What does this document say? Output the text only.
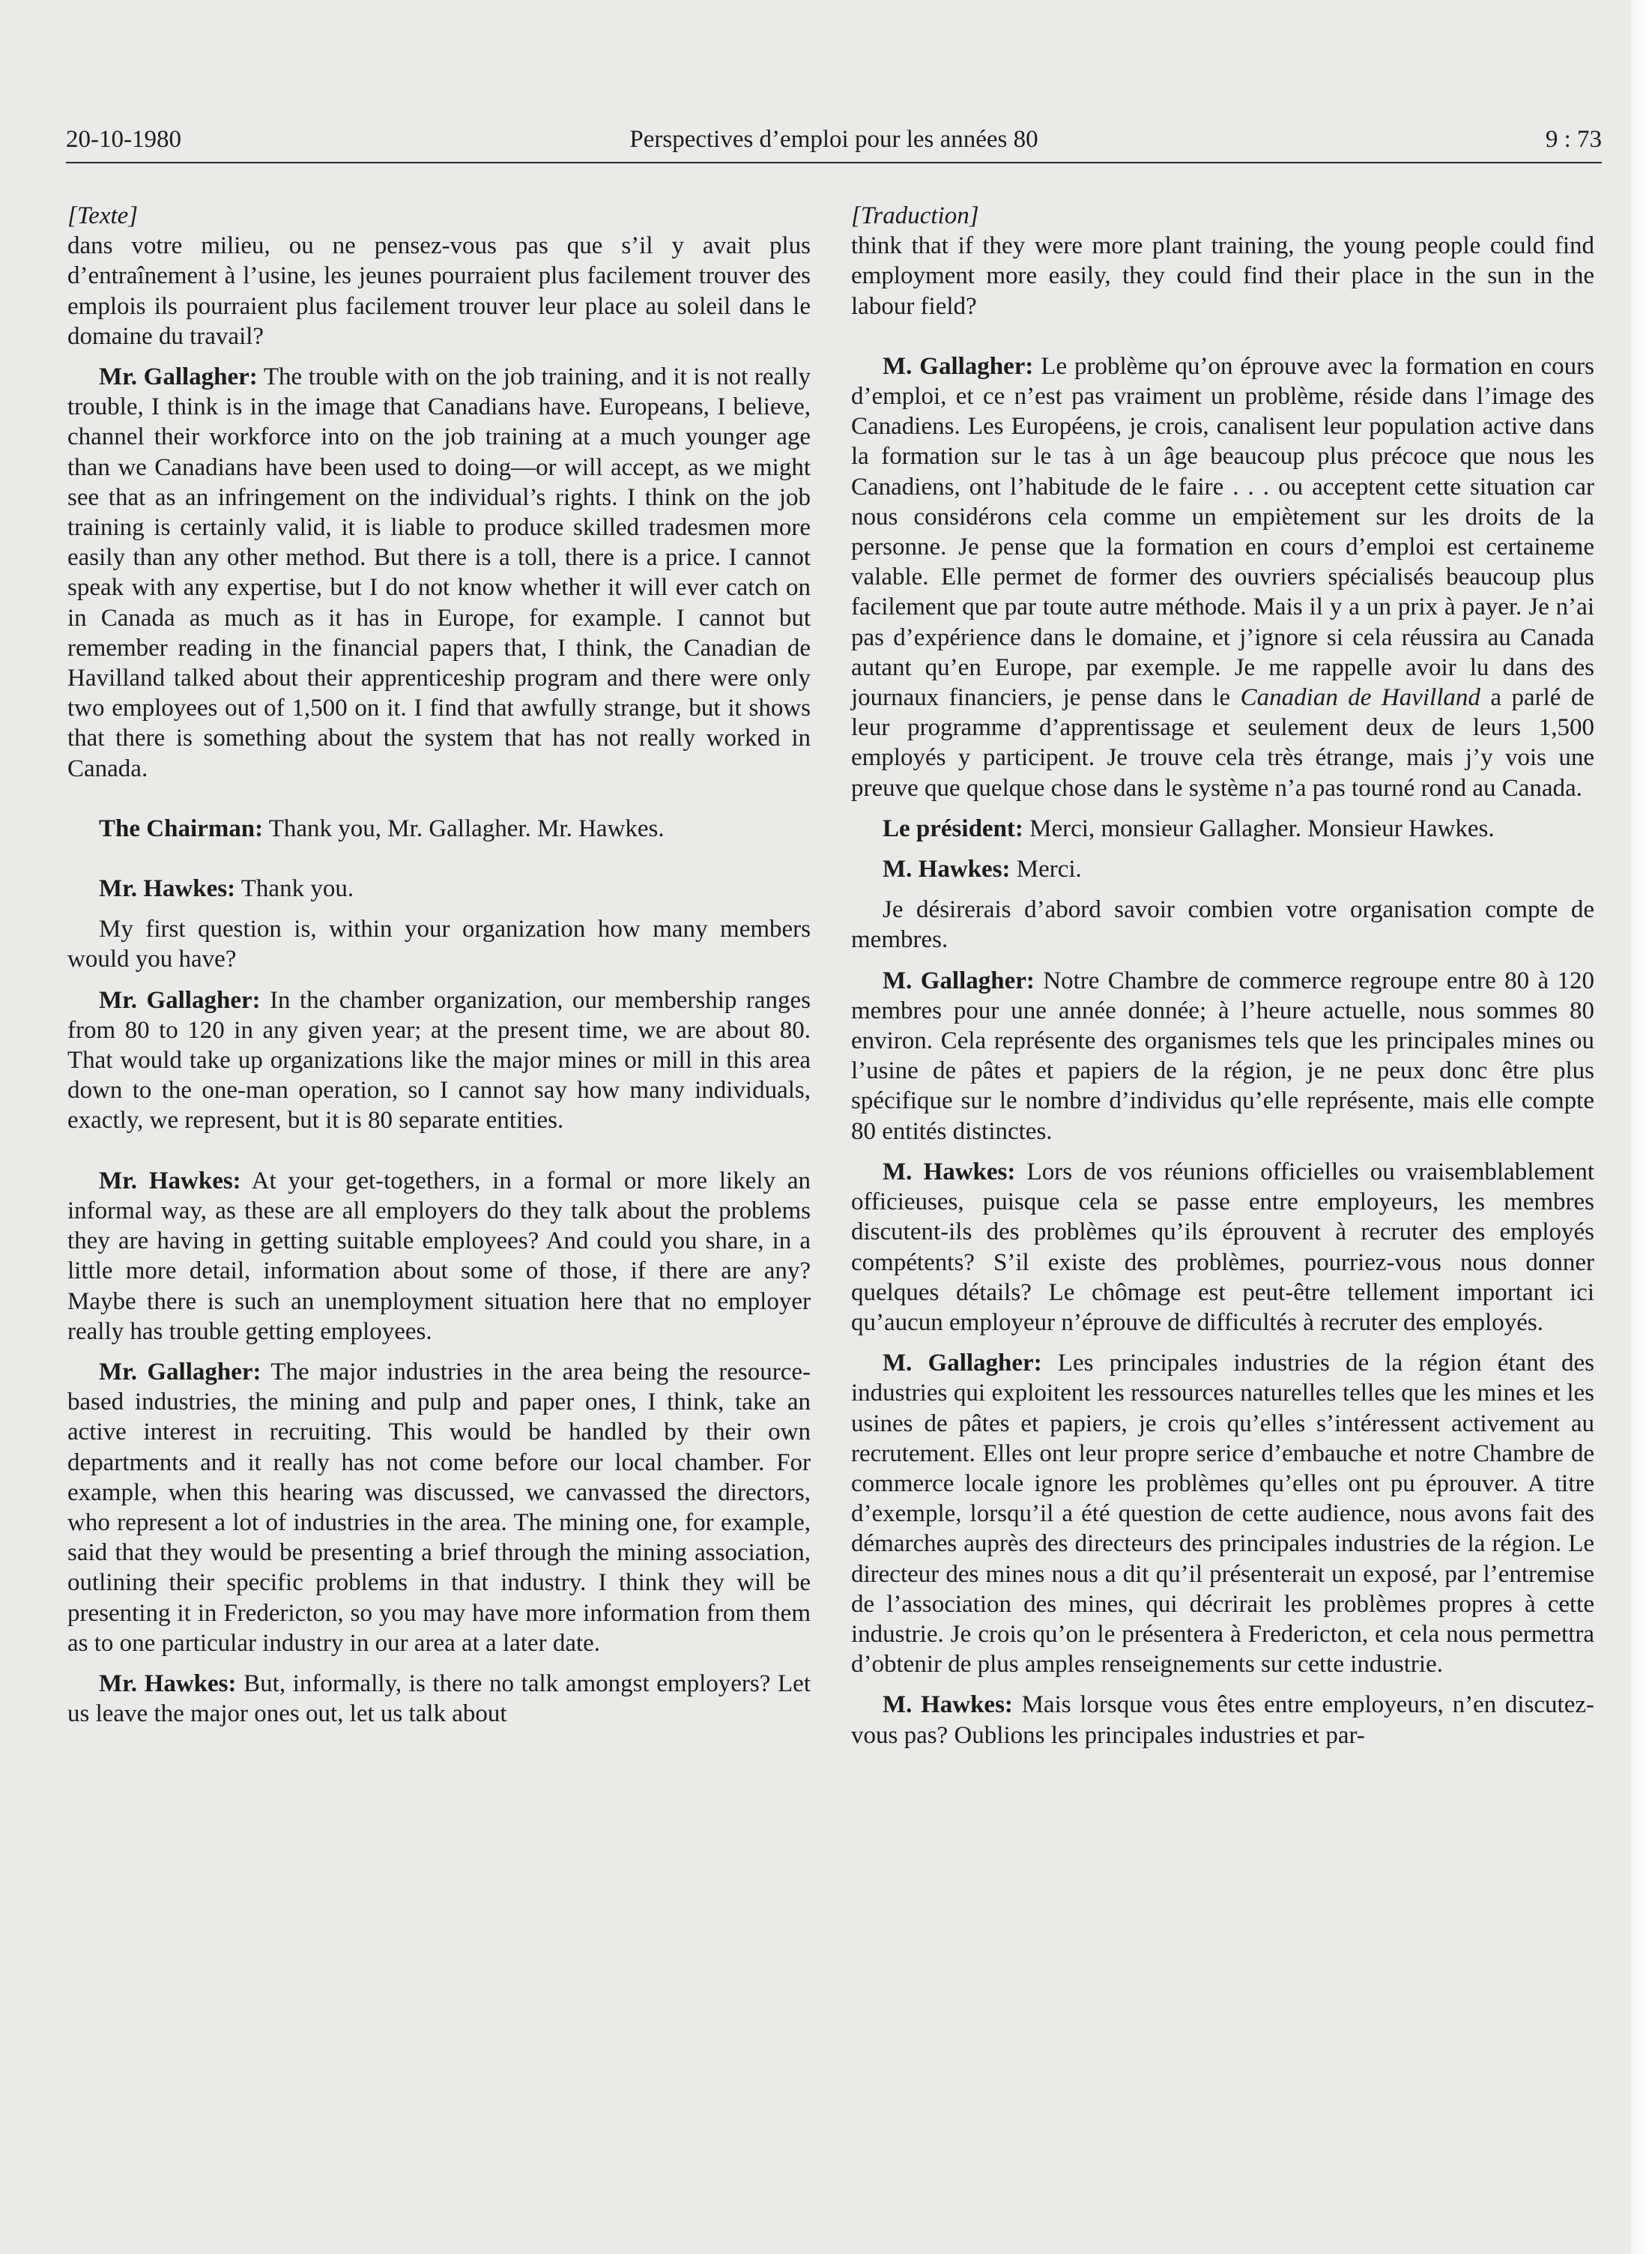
20-10-1980	Perspectives d’emploi pour les années 80	9 : 73

[Texte]

dans votre milieu, ou ne pensez-vous pas que s’il y avait plus d’entraînement à l’usine, les jeunes pourraient plus facilement trouver des emplois ils pourraient plus facilement trouver leur place au soleil dans le domaine du travail?

Mr. Gallagher: The trouble with on the job training, and it is not really trouble, I think is in the image that Canadians have. Europeans, I believe, channel their workforce into on the job training at a much younger age than we Canadians have been used to doing—or will accept, as we might see that as an infringement on the individual’s rights. I think on the job training is certainly valid, it is liable to produce skilled tradesmen more easily than any other method. But there is a toll, there is a price. I cannot speak with any expertise, but I do not know whether it will ever catch on in Canada as much as it has in Europe, for example. I cannot but remember reading in the financial papers that, I think, the Canadian de Havilland talked about their apprenticeship program and there were only two employees out of 1,500 on it. I find that awfully strange, but it shows that there is something about the system that has not really worked in Canada.

The Chairman: Thank you, Mr. Gallagher. Mr. Hawkes.

Mr. Hawkes: Thank you.

My first question is, within your organization how many members would you have?

Mr. Gallagher: In the chamber organization, our membership ranges from 80 to 120 in any given year; at the present time, we are about 80. That would take up organizations like the major mines or mill in this area down to the one-man operation, so I cannot say how many individuals, exactly, we represent, but it is 80 separate entities.

Mr. Hawkes: At your get-togethers, in a formal or more likely an informal way, as these are all employers do they talk about the problems they are having in getting suitable employees? And could you share, in a little more detail, information about some of those, if there are any? Maybe there is such an unemployment situation here that no employer really has trouble getting employees.

Mr. Gallagher: The major industries in the area being the resource-based industries, the mining and pulp and paper ones, I think, take an active interest in recruiting. This would be handled by their own departments and it really has not come before our local chamber. For example, when this hearing was discussed, we canvassed the directors, who represent a lot of industries in the area. The mining one, for example, said that they would be presenting a brief through the mining association, outlining their specific problems in that industry. I think they will be presenting it in Fredericton, so you may have more information from them as to one particular industry in our area at a later date.

Mr. Hawkes: But, informally, is there no talk amongst employers? Let us leave the major ones out, let us talk about

[Traduction]

think that if they were more plant training, the young people could find employment more easily, they could find their place in the sun in the labour field?

M. Gallagher: Le problème qu’on éprouve avec la formation en cours d’emploi, et ce n’est pas vraiment un problème, réside dans l’image des Canadiens. Les Européens, je crois, canalisent leur population active dans la formation sur le tas à un âge beaucoup plus précoce que nous les Canadiens, ont l’habitude de le faire . . . ou acceptent cette situation car nous considérons cela comme un empiètement sur les droits de la personne. Je pense que la formation en cours d’emploi est certaineme valable. Elle permet de former des ouvriers spécialisés beaucoup plus facilement que par toute autre méthode. Mais il y a un prix à payer. Je n’ai pas d’expérience dans le domaine, et j’ignore si cela réussira au Canada autant qu’en Europe, par exemple. Je me rappelle avoir lu dans des journaux financiers, je pense dans le Canadian de Havilland a parlé de leur programme d’apprentissage et seulement deux de leurs 1,500 employés y participent. Je trouve cela très étrange, mais j’y vois une preuve que quelque chose dans le système n’a pas tourné rond au Canada.

Le président: Merci, monsieur Gallagher. Monsieur Hawkes.

M. Hawkes: Merci.

Je désirerais d’abord savoir combien votre organisation compte de membres.

M. Gallagher: Notre Chambre de commerce regroupe entre 80 à 120 membres pour une année donnée; à l’heure actuelle, nous sommes 80 environ. Cela représente des organismes tels que les principales mines ou l’usine de pâtes et papiers de la région, je ne peux donc être plus spécifique sur le nombre d’individus qu’elle représente, mais elle compte 80 entités distinctes.

M. Hawkes: Lors de vos réunions officielles ou vraisemblablement officieuses, puisque cela se passe entre employeurs, les membres discutent-ils des problèmes qu’ils éprouvent à recruter des employés compétents? S’il existe des problèmes, pourriez-vous nous donner quelques détails? Le chômage est peut-être tellement important ici qu’aucun employeur n’éprouve de difficultés à recruter des employés.

M. Gallagher: Les principales industries de la région étant des industries qui exploitent les ressources naturelles telles que les mines et les usines de pâtes et papiers, je crois qu’elles s’intéressent activement au recrutement. Elles ont leur propre serice d’embauche et notre Chambre de commerce locale ignore les problèmes qu’elles ont pu éprouver. A titre d’exemple, lorsqu’il a été question de cette audience, nous avons fait des démarches auprès des directeurs des principales industries de la région. Le directeur des mines nous a dit qu’il présenterait un exposé, par l’entremise de l’association des mines, qui décrirait les problèmes propres à cette industrie. Je crois qu’on le présentera à Fredericton, et cela nous permettra d’obtenir de plus amples renseignements sur cette industrie.

M. Hawkes: Mais lorsque vous êtes entre employeurs, n’en discutez-vous pas? Oublions les principales industries et par-
